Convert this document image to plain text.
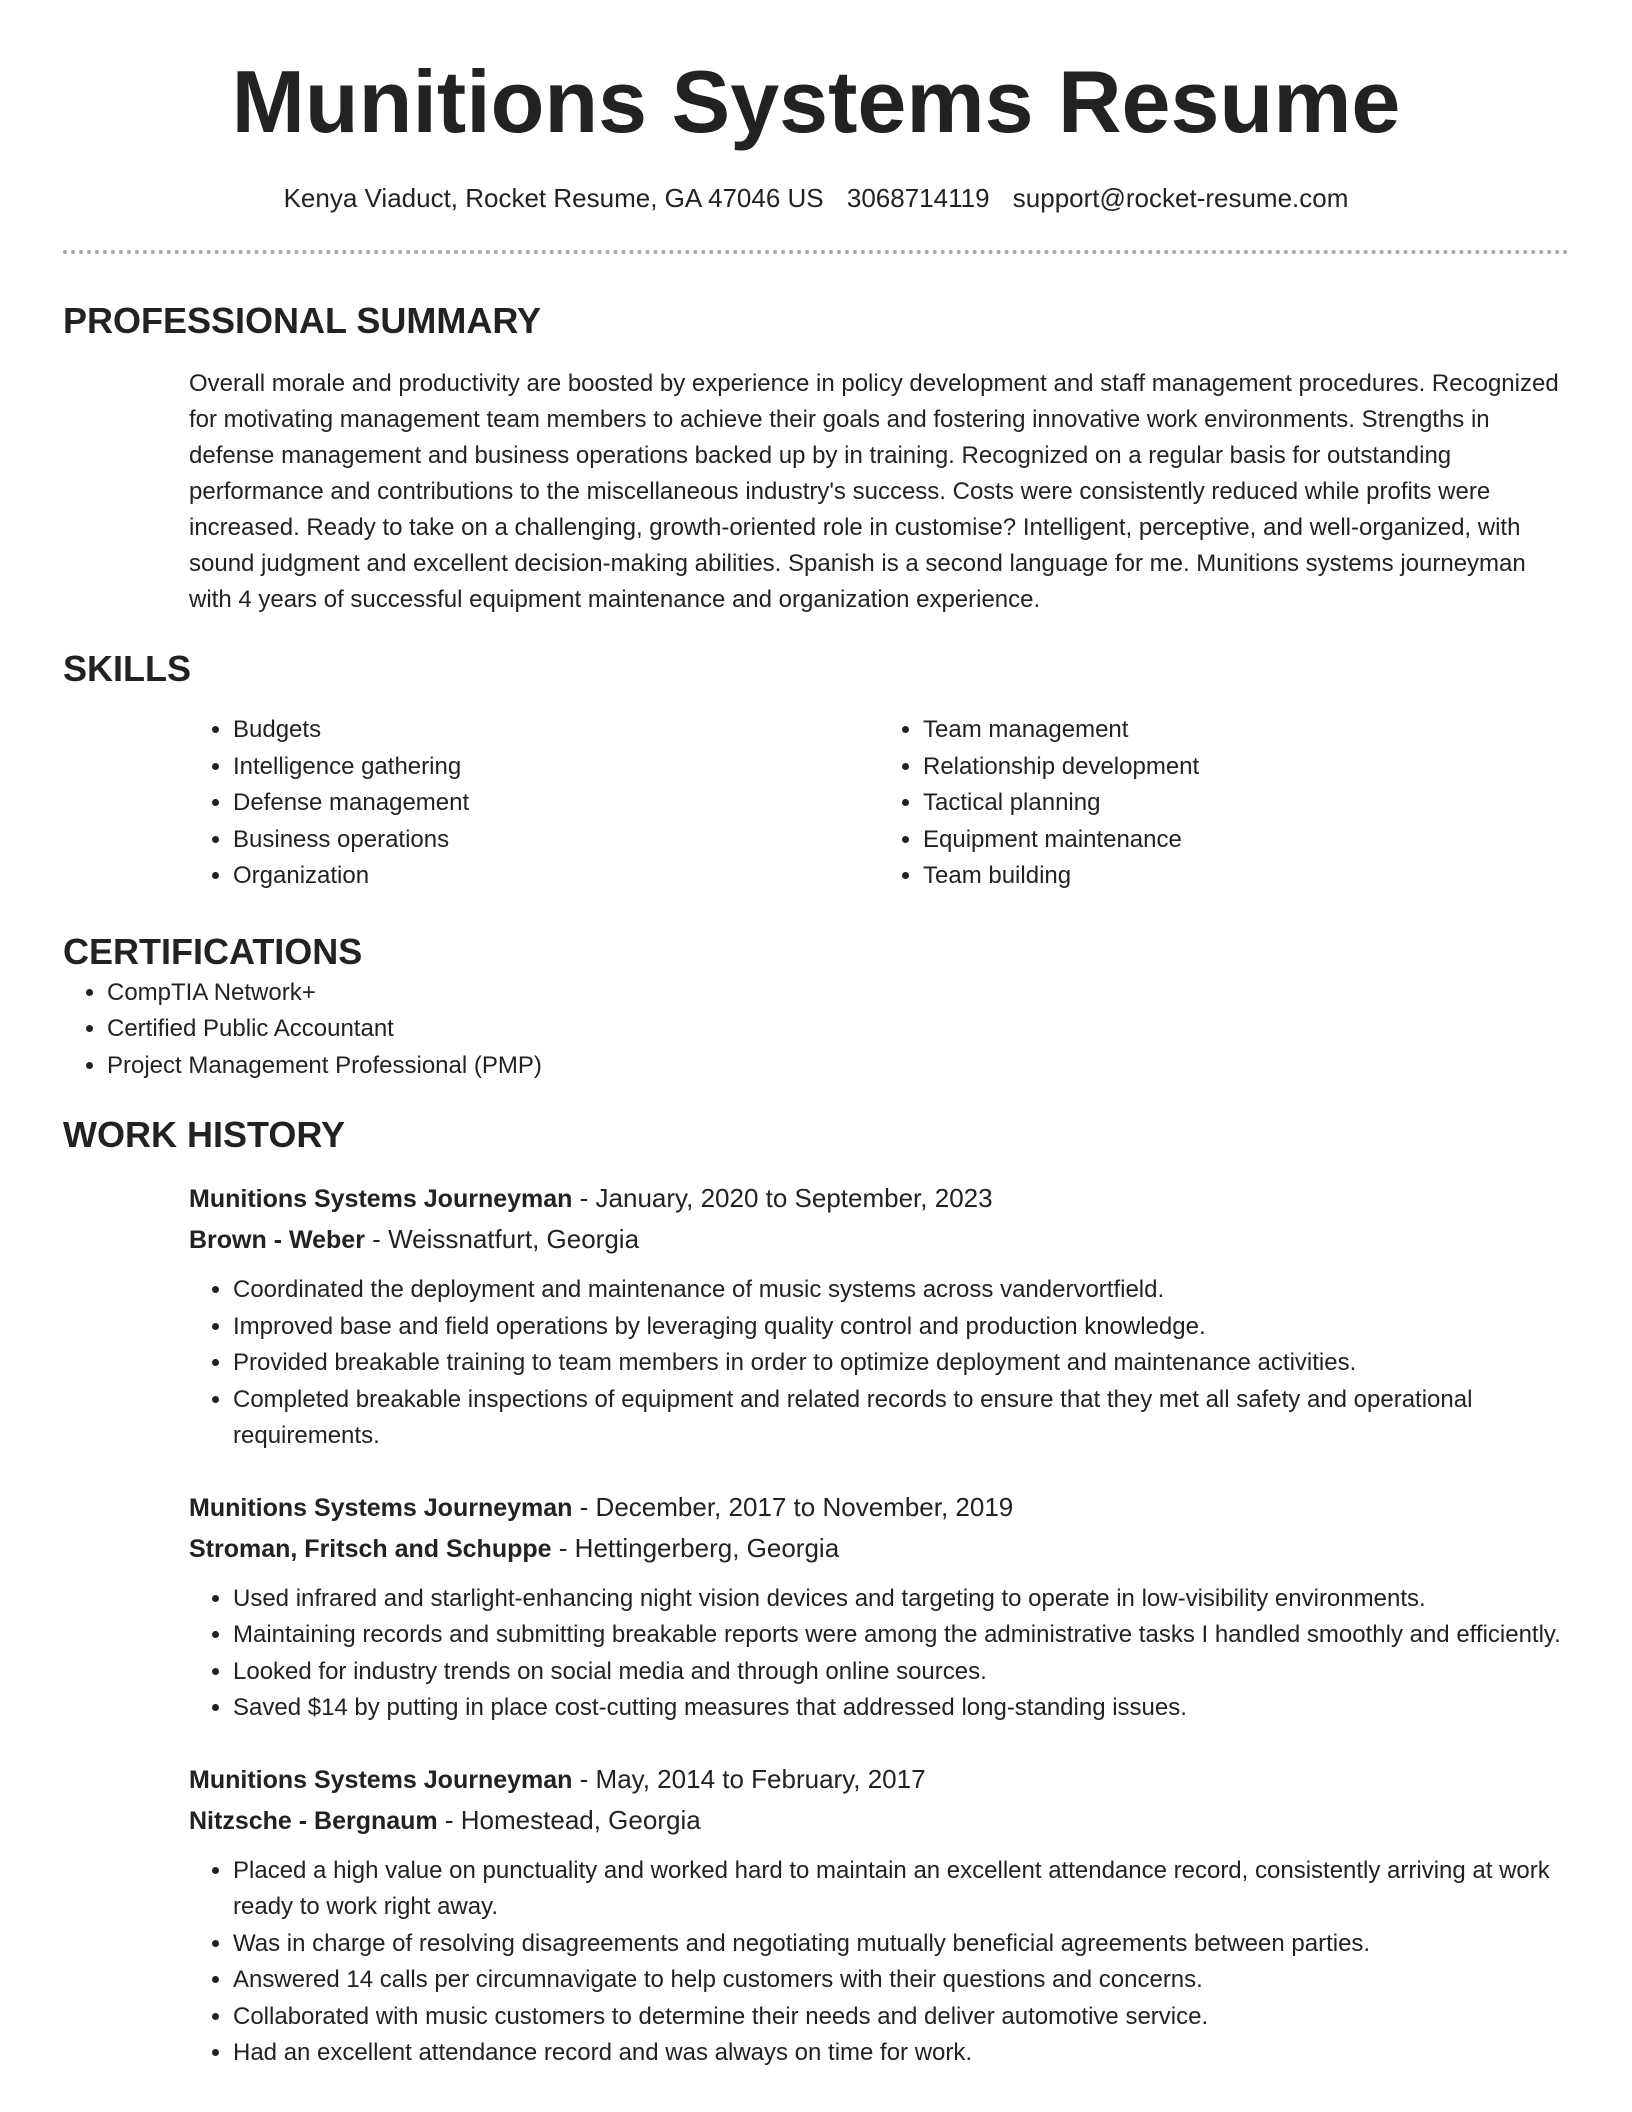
Munitions Systems Resume
Kenya Viaduct, Rocket Resume, GA 47046 US 3068714119 support@rocket-resume.com
PROFESSIONAL SUMMARY

Overall morale and productivity are boosted by experience in policy development and staff management procedures. Recognized for motivating management team members to achieve their goals and fostering innovative work environments. Strengths in defense management and business operations backed up by in training. Recognized on a regular basis for outstanding performance and contributions to the miscellaneous industry's success. Costs were consistently reduced while profits were increased. Ready to take on a challenging, growth-oriented role in customise? Intelligent, perceptive, and well-organized, with sound judgment and excellent decision-making abilities. Spanish is a second language for me. Munitions systems journeyman with 4 years of successful equipment maintenance and organization experience.

SKILLS
• Budgets
• Intelligence gathering
• Defense management
• Business operations
• Organization
• Team management
• Relationship development
• Tactical planning
• Equipment maintenance
• Team building
CERTIFICATIONS
• CompTIA Network+
• Certified Public Accountant
• Project Management Professional (PMP)
WORK HISTORY
Munitions Systems Journeyman - January, 2020 to September, 2023
Brown - Weber - Weissnatfurt, Georgia
• Coordinated the deployment and maintenance of music systems across vandervortfield.
• Improved base and field operations by leveraging quality control and production knowledge.
• Provided breakable training to team members in order to optimize deployment and maintenance activities.
• Completed breakable inspections of equipment and related records to ensure that they met all safety and operational requirements.
Munitions Systems Journeyman - December, 2017 to November, 2019
Stroman, Fritsch and Schuppe - Hettingerberg, Georgia
• Used infrared and starlight-enhancing night vision devices and targeting to operate in low-visibility environments.
• Maintaining records and submitting breakable reports were among the administrative tasks I handled smoothly and efficiently.
• Looked for industry trends on social media and through online sources.
• Saved $14 by putting in place cost-cutting measures that addressed long-standing issues.
Munitions Systems Journeyman - May, 2014 to February, 2017
Nitzsche - Bergnaum - Homestead, Georgia
• Placed a high value on punctuality and worked hard to maintain an excellent attendance record, consistently arriving at work ready to work right away.
• Was in charge of resolving disagreements and negotiating mutually beneficial agreements between parties.
• Answered 14 calls per circumnavigate to help customers with their questions and concerns.
• Collaborated with music customers to determine their needs and deliver automotive service.
• Had an excellent attendance record and was always on time for work.
